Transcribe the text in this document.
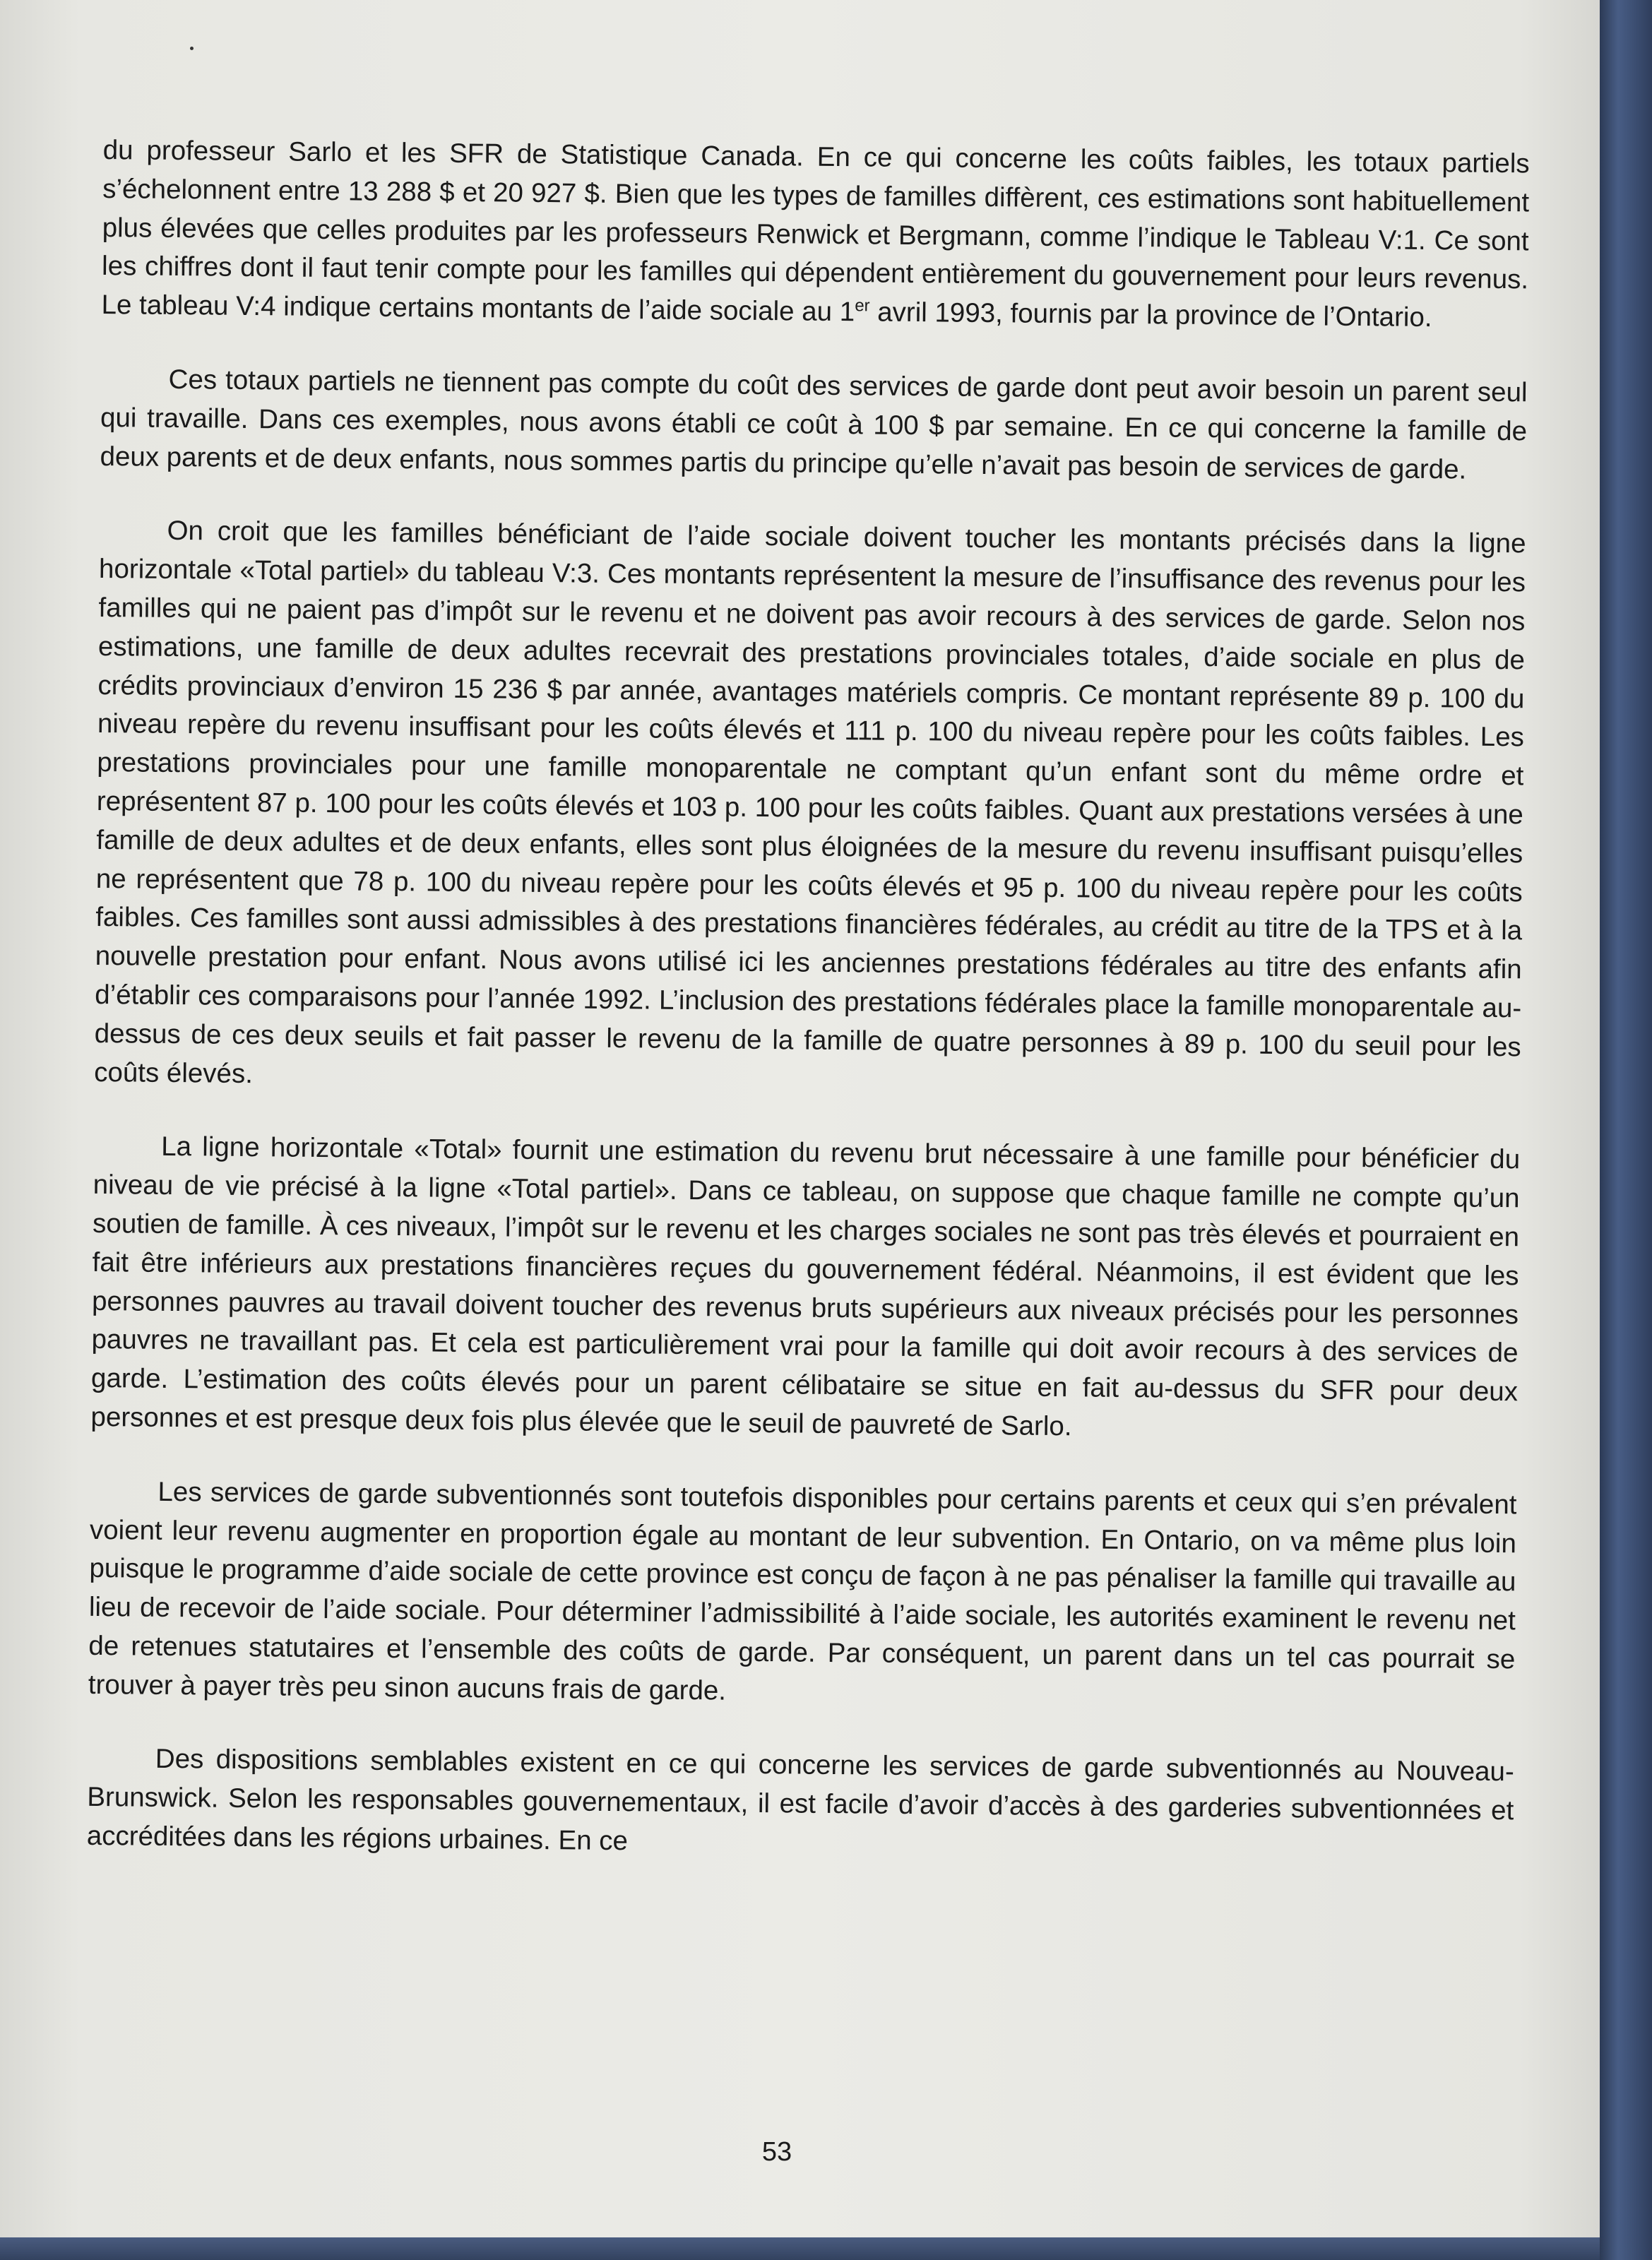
du professeur Sarlo et les SFR de Statistique Canada. En ce qui concerne les coûts faibles, les totaux partiels s’échelonnent entre 13 288 $ et 20 927 $. Bien que les types de familles diffèrent, ces estimations sont habituellement plus élevées que celles produites par les professeurs Renwick et Bergmann, comme l’indique le Tableau V:1. Ce sont les chiffres dont il faut tenir compte pour les familles qui dépendent entièrement du gouvernement pour leurs revenus. Le tableau V:4 indique certains montants de l’aide sociale au 1er avril 1993, fournis par la province de l’Ontario.

Ces totaux partiels ne tiennent pas compte du coût des services de garde dont peut avoir besoin un parent seul qui travaille. Dans ces exemples, nous avons établi ce coût à 100 $ par semaine. En ce qui concerne la famille de deux parents et de deux enfants, nous sommes partis du principe qu’elle n’avait pas besoin de services de garde.

On croit que les familles bénéficiant de l’aide sociale doivent toucher les montants précisés dans la ligne horizontale «Total partiel» du tableau V:3. Ces montants représentent la mesure de l’insuffisance des revenus pour les familles qui ne paient pas d’impôt sur le revenu et ne doivent pas avoir recours à des services de garde. Selon nos estimations, une famille de deux adultes recevrait des prestations provinciales totales, d’aide sociale en plus de crédits provinciaux d’environ 15 236 $ par année, avantages matériels compris. Ce montant représente 89 p. 100 du niveau repère du revenu insuffisant pour les coûts élevés et 111 p. 100 du niveau repère pour les coûts faibles. Les prestations provinciales pour une famille monoparentale ne comptant qu’un enfant sont du même ordre et représentent 87 p. 100 pour les coûts élevés et 103 p. 100 pour les coûts faibles. Quant aux prestations versées à une famille de deux adultes et de deux enfants, elles sont plus éloignées de la mesure du revenu insuffisant puisqu’elles ne représentent que 78 p. 100 du niveau repère pour les coûts élevés et 95 p. 100 du niveau repère pour les coûts faibles. Ces familles sont aussi admissibles à des prestations financières fédérales, au crédit au titre de la TPS et à la nouvelle prestation pour enfant. Nous avons utilisé ici les anciennes prestations fédérales au titre des enfants afin d’établir ces comparaisons pour l’année 1992. L’inclusion des prestations fédérales place la famille monoparentale au-dessus de ces deux seuils et fait passer le revenu de la famille de quatre personnes à 89 p. 100 du seuil pour les coûts élevés.

La ligne horizontale «Total» fournit une estimation du revenu brut nécessaire à une famille pour bénéficier du niveau de vie précisé à la ligne «Total partiel». Dans ce tableau, on suppose que chaque famille ne compte qu’un soutien de famille. À ces niveaux, l’impôt sur le revenu et les charges sociales ne sont pas très élevés et pourraient en fait être inférieurs aux prestations financières reçues du gouvernement fédéral. Néanmoins, il est évident que les personnes pauvres au travail doivent toucher des revenus bruts supérieurs aux niveaux précisés pour les personnes pauvres ne travaillant pas. Et cela est particulièrement vrai pour la famille qui doit avoir recours à des services de garde. L’estimation des coûts élevés pour un parent célibataire se situe en fait au-dessus du SFR pour deux personnes et est presque deux fois plus élevée que le seuil de pauvreté de Sarlo.

Les services de garde subventionnés sont toutefois disponibles pour certains parents et ceux qui s’en prévalent voient leur revenu augmenter en proportion égale au montant de leur subvention. En Ontario, on va même plus loin puisque le programme d’aide sociale de cette province est conçu de façon à ne pas pénaliser la famille qui travaille au lieu de recevoir de l’aide sociale. Pour déterminer l’admissibilité à l’aide sociale, les autorités examinent le revenu net de retenues statutaires et l’ensemble des coûts de garde. Par conséquent, un parent dans un tel cas pourrait se trouver à payer très peu sinon aucuns frais de garde.

Des dispositions semblables existent en ce qui concerne les services de garde subventionnés au Nouveau-Brunswick. Selon les responsables gouvernementaux, il est facile d’avoir d’accès à des garderies subventionnées et accréditées dans les régions urbaines. En ce

53
